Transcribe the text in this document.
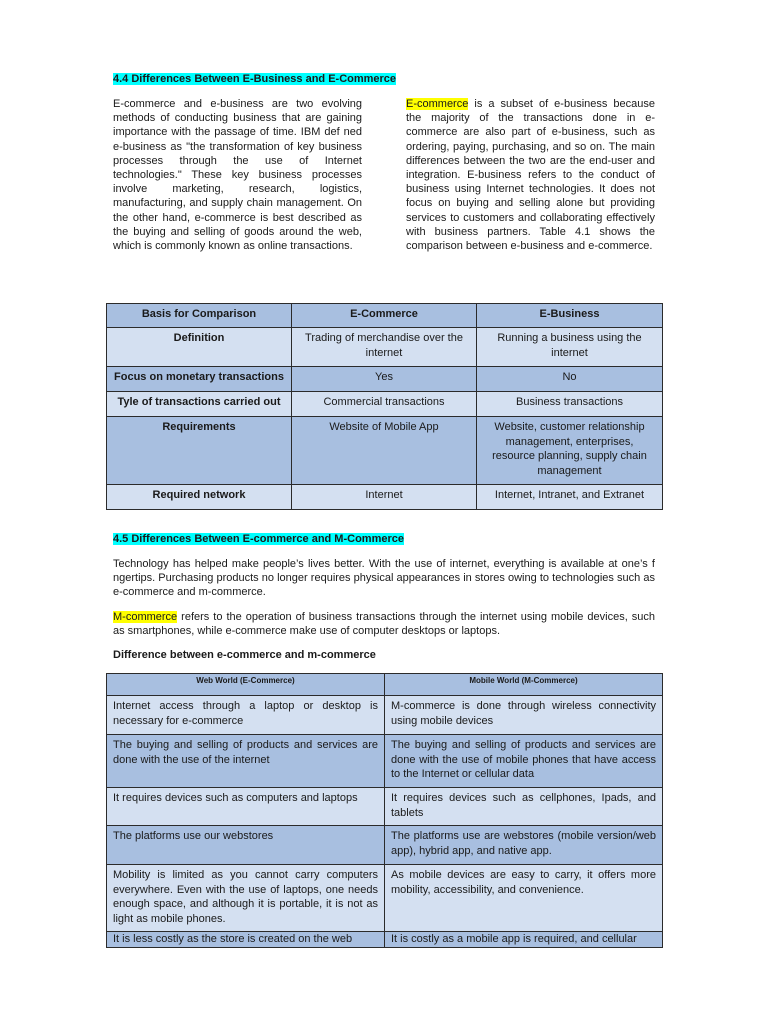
4.4 Differences Between E-Business and E-Commerce

E-commerce and e-business are two evolving methods of conducting business that are gaining importance with the passage of time. IBM def ned e-business as "the transformation of key business processes through the use of Internet technologies." These key business processes involve marketing, research, logistics, manufacturing, and supply chain management. On the other hand, e-commerce is best described as the buying and selling of goods around the web, which is commonly known as online transactions.

E-commerce is a subset of e-business because the majority of the transactions done in e-commerce are also part of e-business, such as ordering, paying, purchasing, and so on. The main differences between the two are the end-user and integration. E-business refers to the conduct of business using Internet technologies. It does not focus on buying and selling alone but providing services to customers and collaborating effectively with business partners. Table 4.1 shows the comparison between e-business and e-commerce.

Basis for Comparison	E-Commerce	E-Business
Definition	Trading of merchandise over the internet	Running a business using the internet
Focus on monetary transactions	Yes	No
Tyle of transactions carried out	Commercial transactions	Business transactions
Requirements	Website of Mobile App	Website, customer relationship management, enterprises, resource planning, supply chain management
Required network	Internet	Internet, Intranet, and Extranet
4.5 Differences Between E-commerce and M-Commerce

Technology has helped make people’s lives better. With the use of internet, everything is available at one’s f ngertips. Purchasing products no longer requires physical appearances in stores owing to technologies such as e-commerce and m-commerce.

M-commerce refers to the operation of business transactions through the internet using mobile devices, such as smartphones, while e-commerce make use of computer desktops or laptops.

Difference between e-commerce and m-commerce
Web World (E-Commerce)	Mobile World (M-Commerce)
Internet access through a laptop or desktop is necessary for e-commerce	M-commerce is done through wireless connectivity using mobile devices
The buying and selling of products and services are done with the use of the internet	The buying and selling of products and services are done with the use of mobile phones that have access to the Internet or cellular data
It requires devices such as computers and laptops	It requires devices such as cellphones, Ipads, and tablets
The platforms use our webstores	The platforms use are webstores (mobile version/web app), hybrid app, and native app.
Mobility is limited as you cannot carry computers everywhere. Even with the use of laptops, one needs enough space, and although it is portable, it is not as light as mobile phones.	As mobile devices are easy to carry, it offers more mobility, accessibility, and convenience.
It is less costly as the store is created on the web	It is costly as a mobile app is required, and cellular
